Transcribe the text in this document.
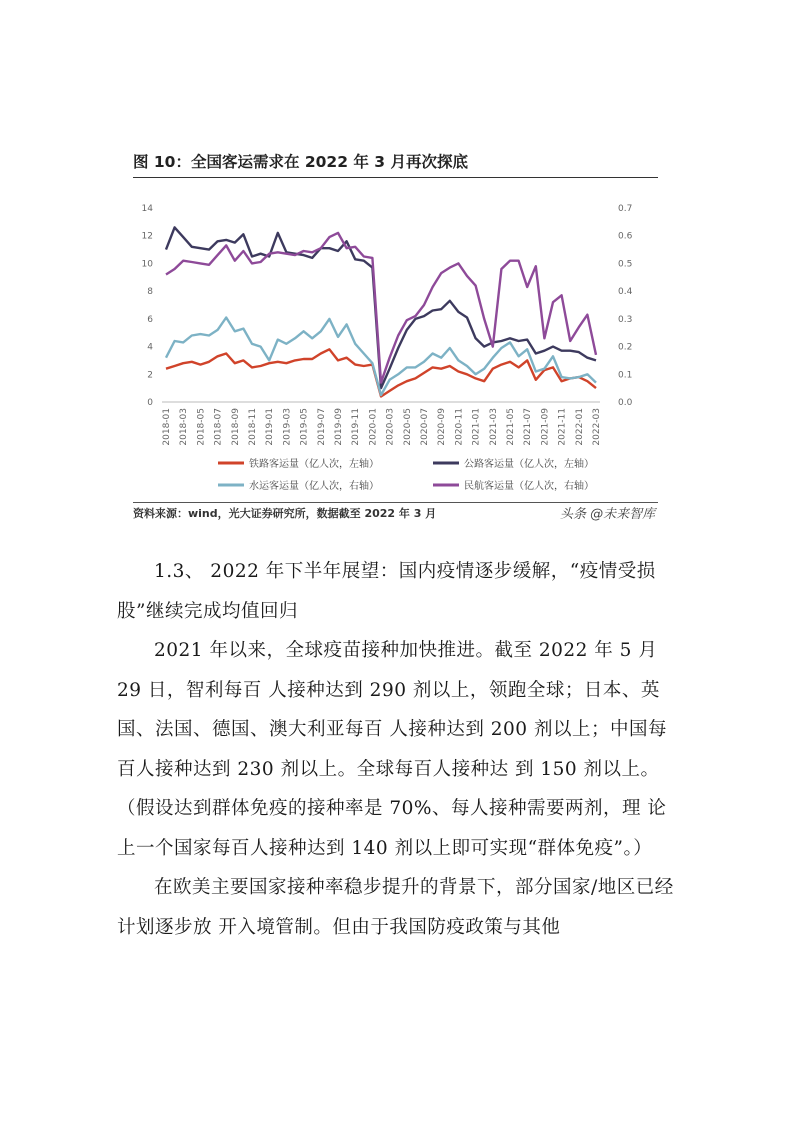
图 10：全国客运需求在 2022 年 3 月再次探底
0
2
4
6
8
10
12
14
0.0
0.1
0.2
0.3
0.4
0.5
0.6
0.7
2018-01 2018-03 2018-05 2018-07 2018-09 2018-11 2019-01 2019-03 2019-05 2019-07 2019-09 2019-11 2020-01 2020-03 2020-05 2020-07 2020-09 2020-11 2021-01 2021-03 2021-05 2021-07 2021-09 2021-11 2022-01 2022-03
铁路客运量（亿人次，左轴）	公路客运量（亿人次，左轴）
水运客运量（亿人次，右轴）	民航客运量（亿人次，右轴）
资料来源：wind，光大证券研究所，数据截至 2022 年 3 月	头条 @未来智库

1.3、 2022 年下半年展望：国内疫情逐步缓解，“疫情受损股”继续完成均值回归

2021 年以来，全球疫苗接种加快推进。截至 2022 年 5 月 29 日，智利每百 人接种达到 290 剂以上，领跑全球；日本、英国、法国、德国、澳大利亚每百 人接种达到 200 剂以上；中国每百人接种达到 230 剂以上。全球每百人接种达 到 150 剂以上。（假设达到群体免疫的接种率是 70%、每人接种需要两剂，理 论上一个国家每百人接种达到 140 剂以上即可实现“群体免疫”。）

在欧美主要国家接种率稳步提升的背景下，部分国家/地区已经计划逐步放 开入境管制。但由于我国防疫政策与其他
